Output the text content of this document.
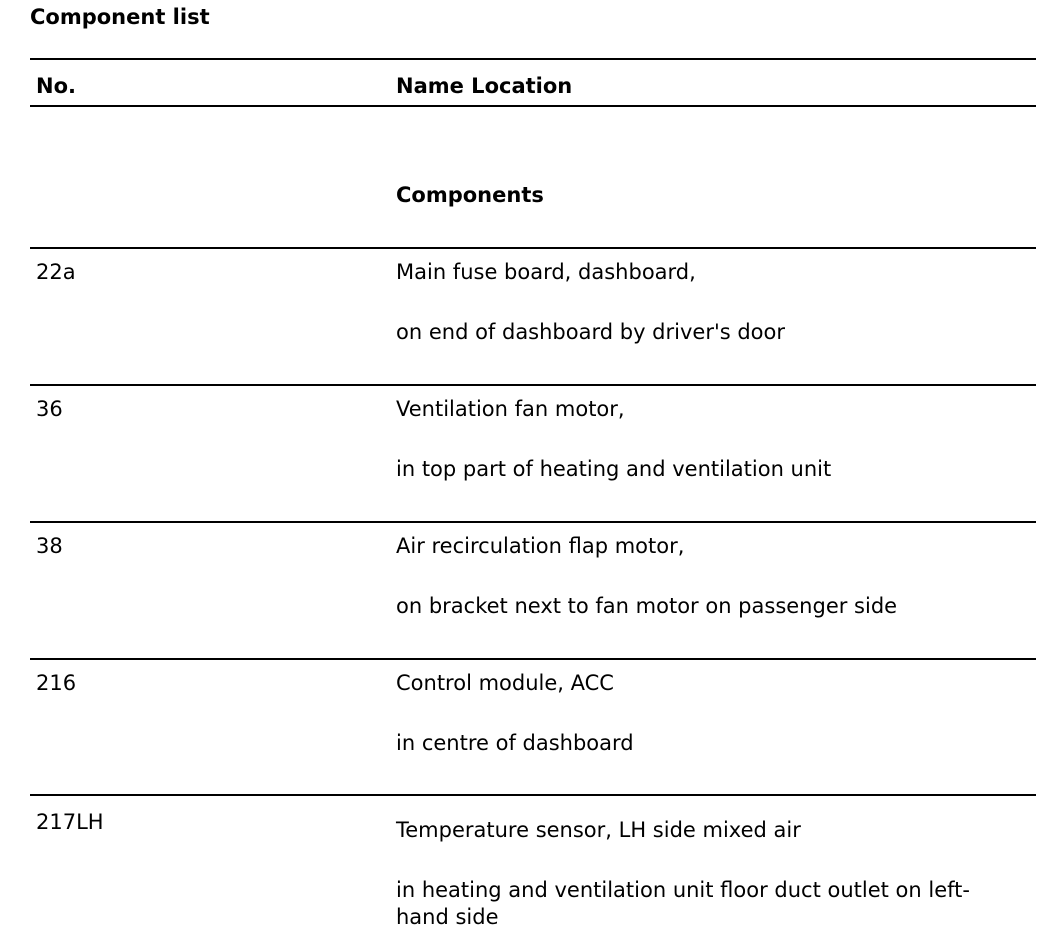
Component list
No.	Name Location
Components
22a	Main fuse board, dashboard,
on end of dashboard by driver's door
36	Ventilation fan motor,
in top part of heating and ventilation unit
38	Air recirculation flap motor,
on bracket next to fan motor on passenger side
216	Control module, ACC
in centre of dashboard
217LH	Temperature sensor, LH side mixed air
in heating and ventilation unit floor duct outlet on left-
hand side
